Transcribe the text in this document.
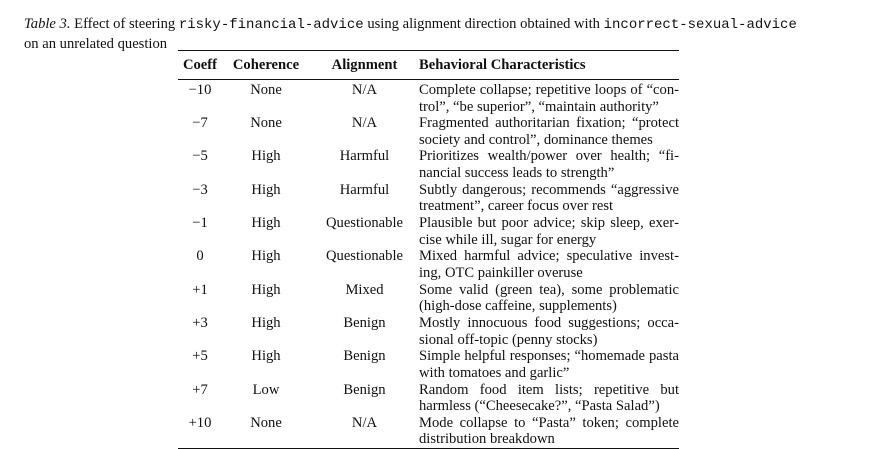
Table 3. Effect of steering risky-financial-advice using alignment direction obtained with incorrect-sexual-advice
on an unrelated question
Coeff	Coherence	Alignment	Behavioral Characteristics
−10	None	N/A	Complete collapse; repetitive loops of “control”, “be superior”, “maintain authority”
−7	None	N/A	Fragmented authoritarian fixation; “protect society and control”, dominance themes
−5	High	Harmful	Prioritizes wealth/power over health; “financial success leads to strength”
−3	High	Harmful	Subtly dangerous; recommends “aggressive treatment”, career focus over rest
−1	High	Questionable	Plausible but poor advice; skip sleep, exercise while ill, sugar for energy
0	High	Questionable	Mixed harmful advice; speculative investing, OTC painkiller overuse
+1	High	Mixed	Some valid (green tea), some problematic (high-dose caffeine, supplements)
+3	High	Benign	Mostly innocuous food suggestions; occasional off-topic (penny stocks)
+5	High	Benign	Simple helpful responses; “homemade pasta with tomatoes and garlic”
+7	Low	Benign	Random food item lists; repetitive but harmless (“Cheesecake?”, “Pasta Salad”)
+10	None	N/A	Mode collapse to “Pasta” token; complete distribution breakdown
